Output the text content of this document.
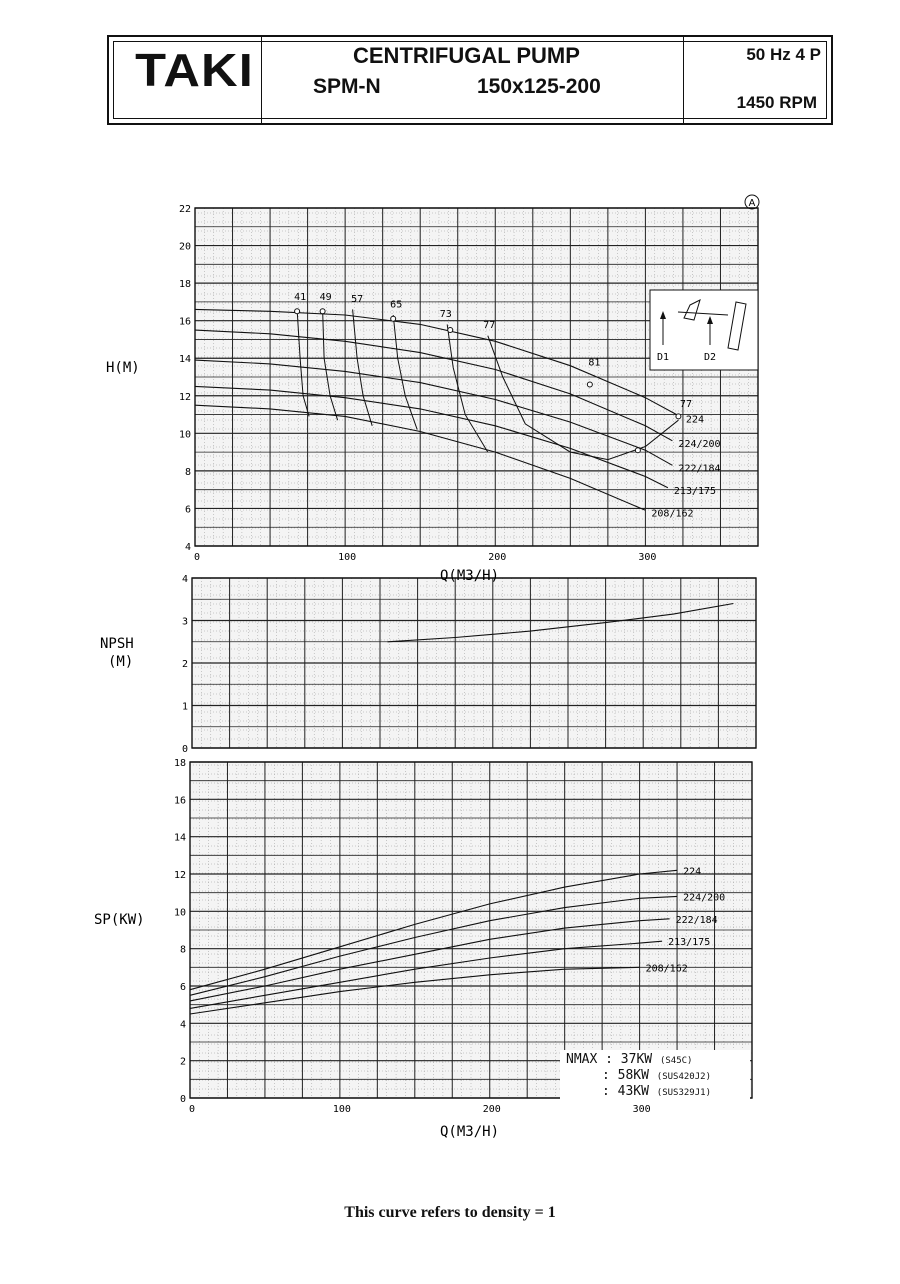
TAKI	CENTRIFUGAL PUMP
SPM-N	150x125-200
50 Hz 4 P
1450 RPM
4
6
8
10
12
14
16
18
20
22
0	100	200	300
224
224/200
222/184
213/175
208/162
0
1
2
3
4
0
2
4
6
8
10
12
14
16
18
0	100	200	300
224
224/200
222/184
213/175
208/162
41 49 57
65
73
77
81
77
H(M)
Q(M3/H)
NPSH
(M)
SP(KW)
Q(M3/H)
A
D1	D2
NMAX : 37KW (S45C)
: 58KW (SUS420J2)
: 43KW (SUS329J1)
This curve refers to density = 1
